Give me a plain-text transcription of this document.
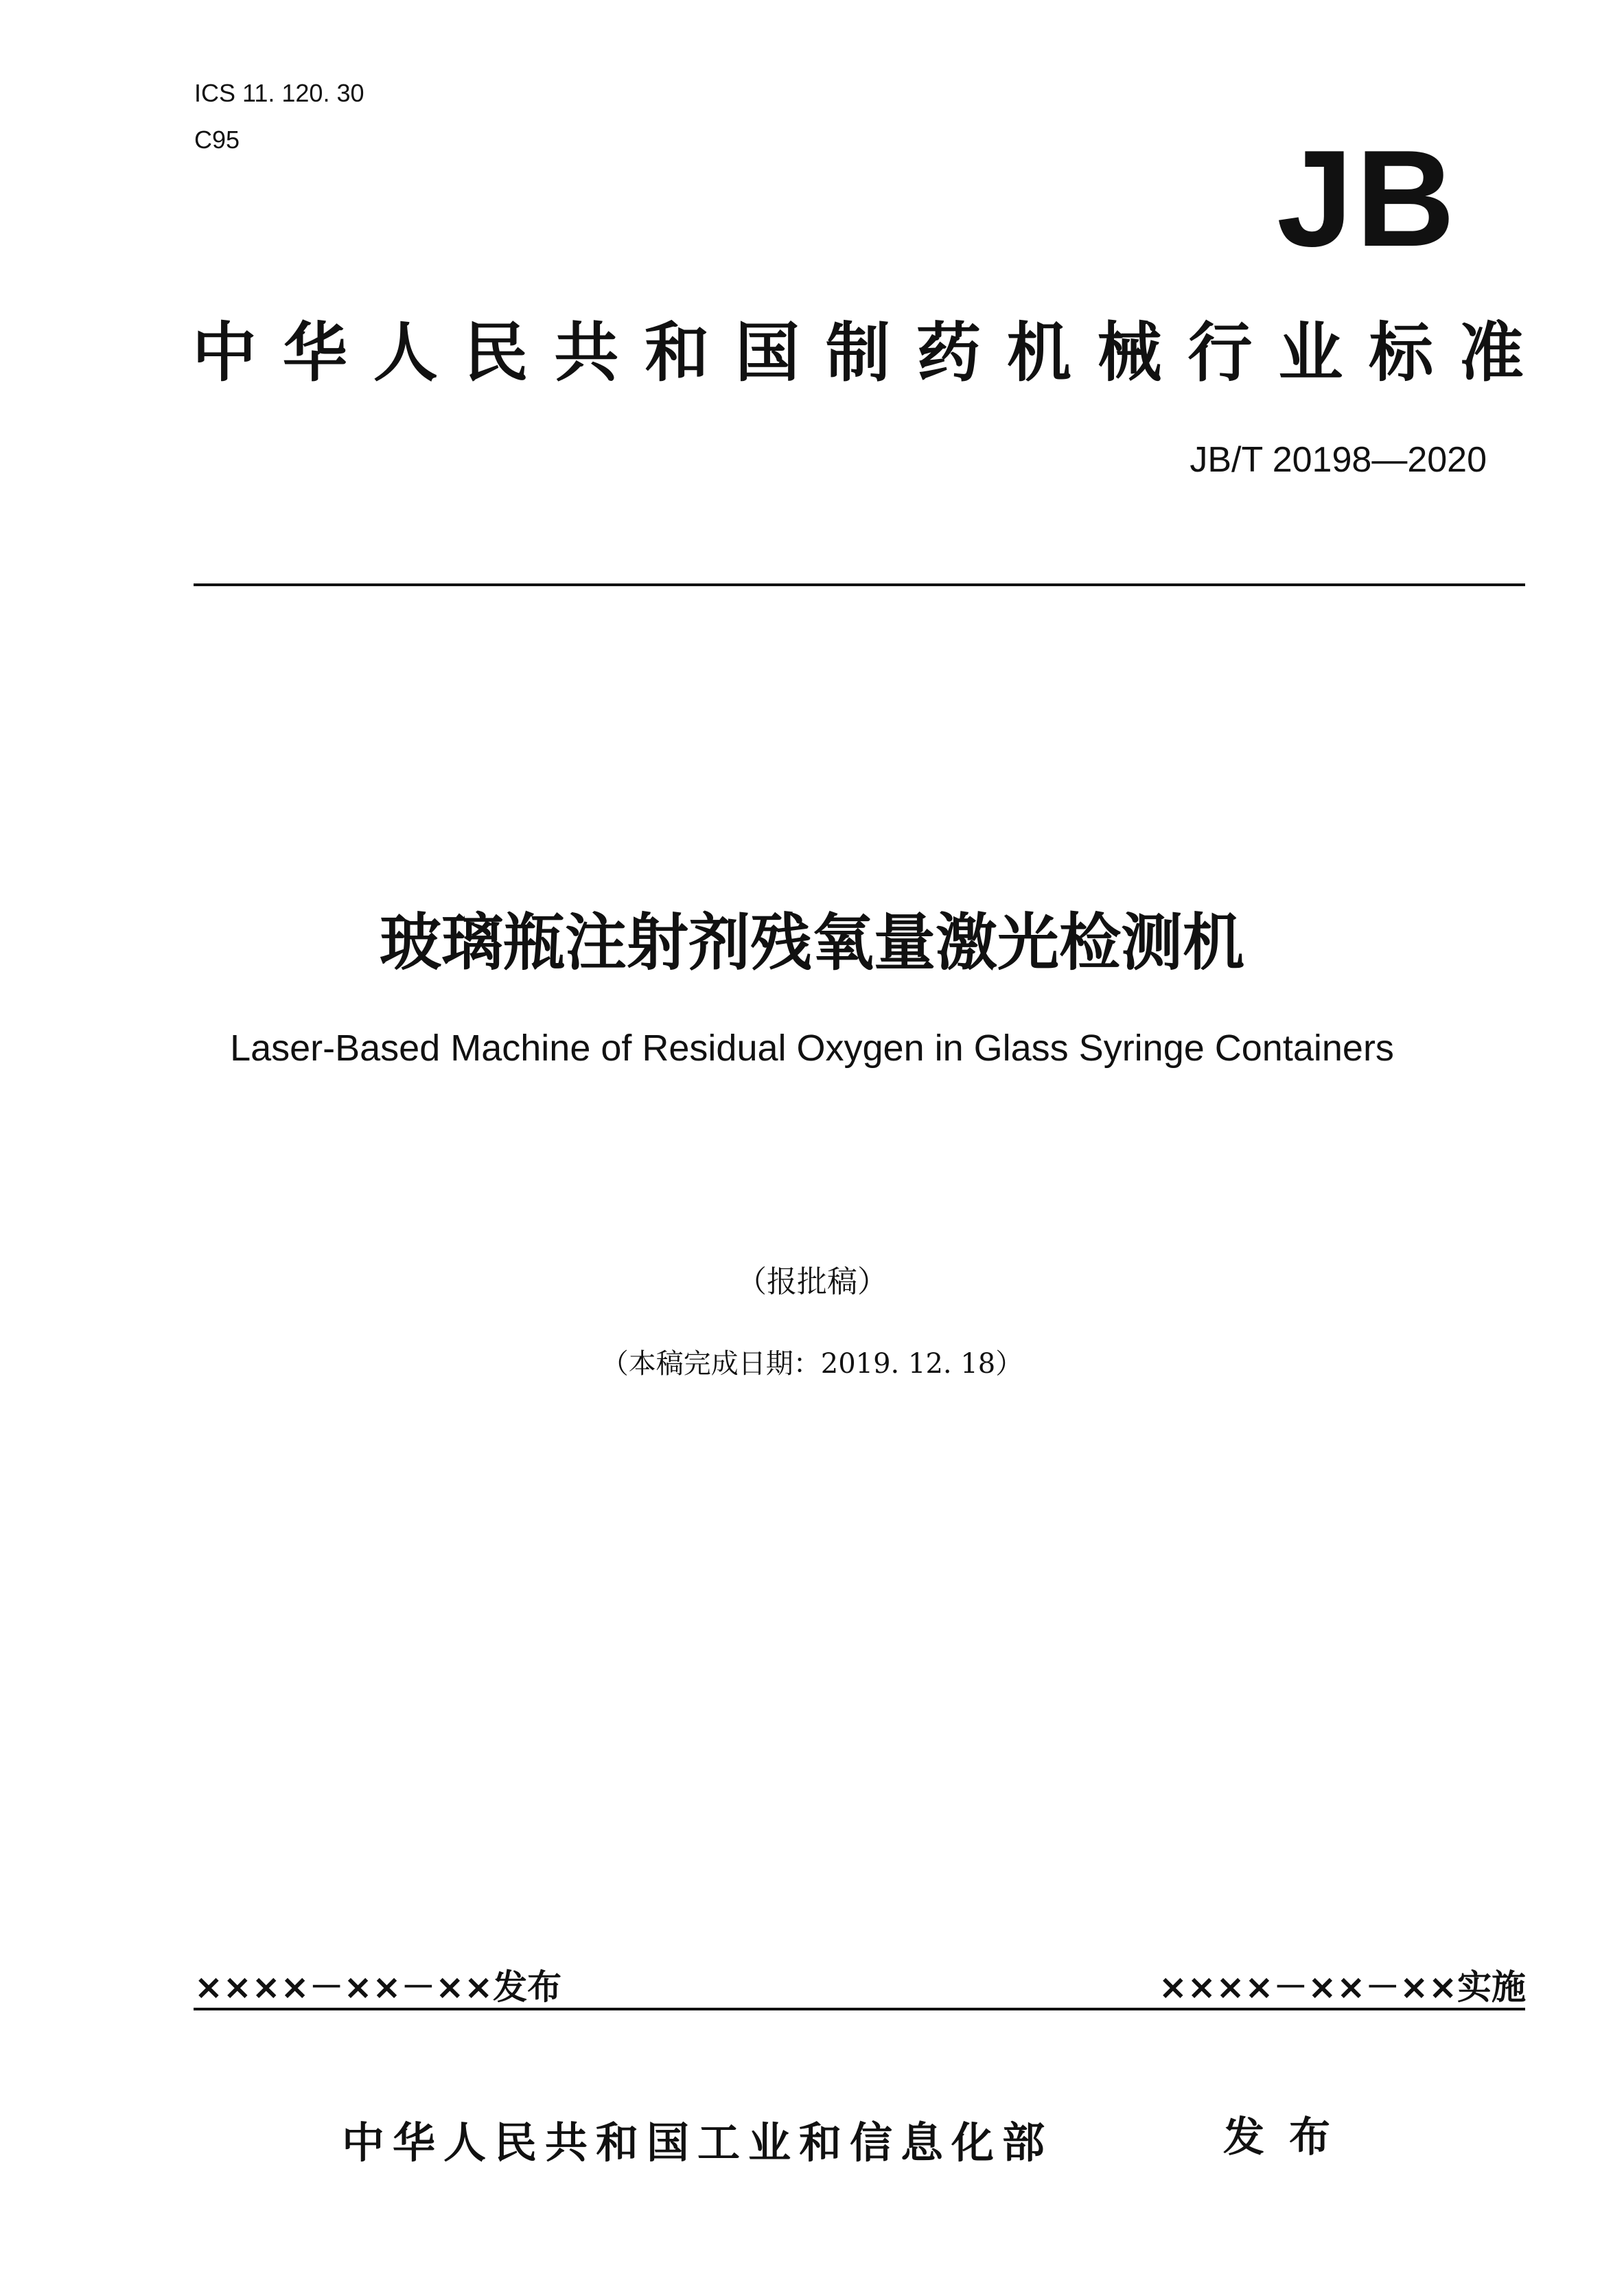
ICS 11. 120. 30
C95	JB
中华人民共和国制药机械行业标准
JB/T 20198—2020
玻璃瓶注射剂残氧量激光检测机
Laser-Based Machine of Residual Oxygen in Glass Syringe Containers
（报批稿）
（本稿完成日期：2019. 12. 18）
××××－××－××发布	××××－××－××实施
中华人民共和国工业和信息化部	发布
